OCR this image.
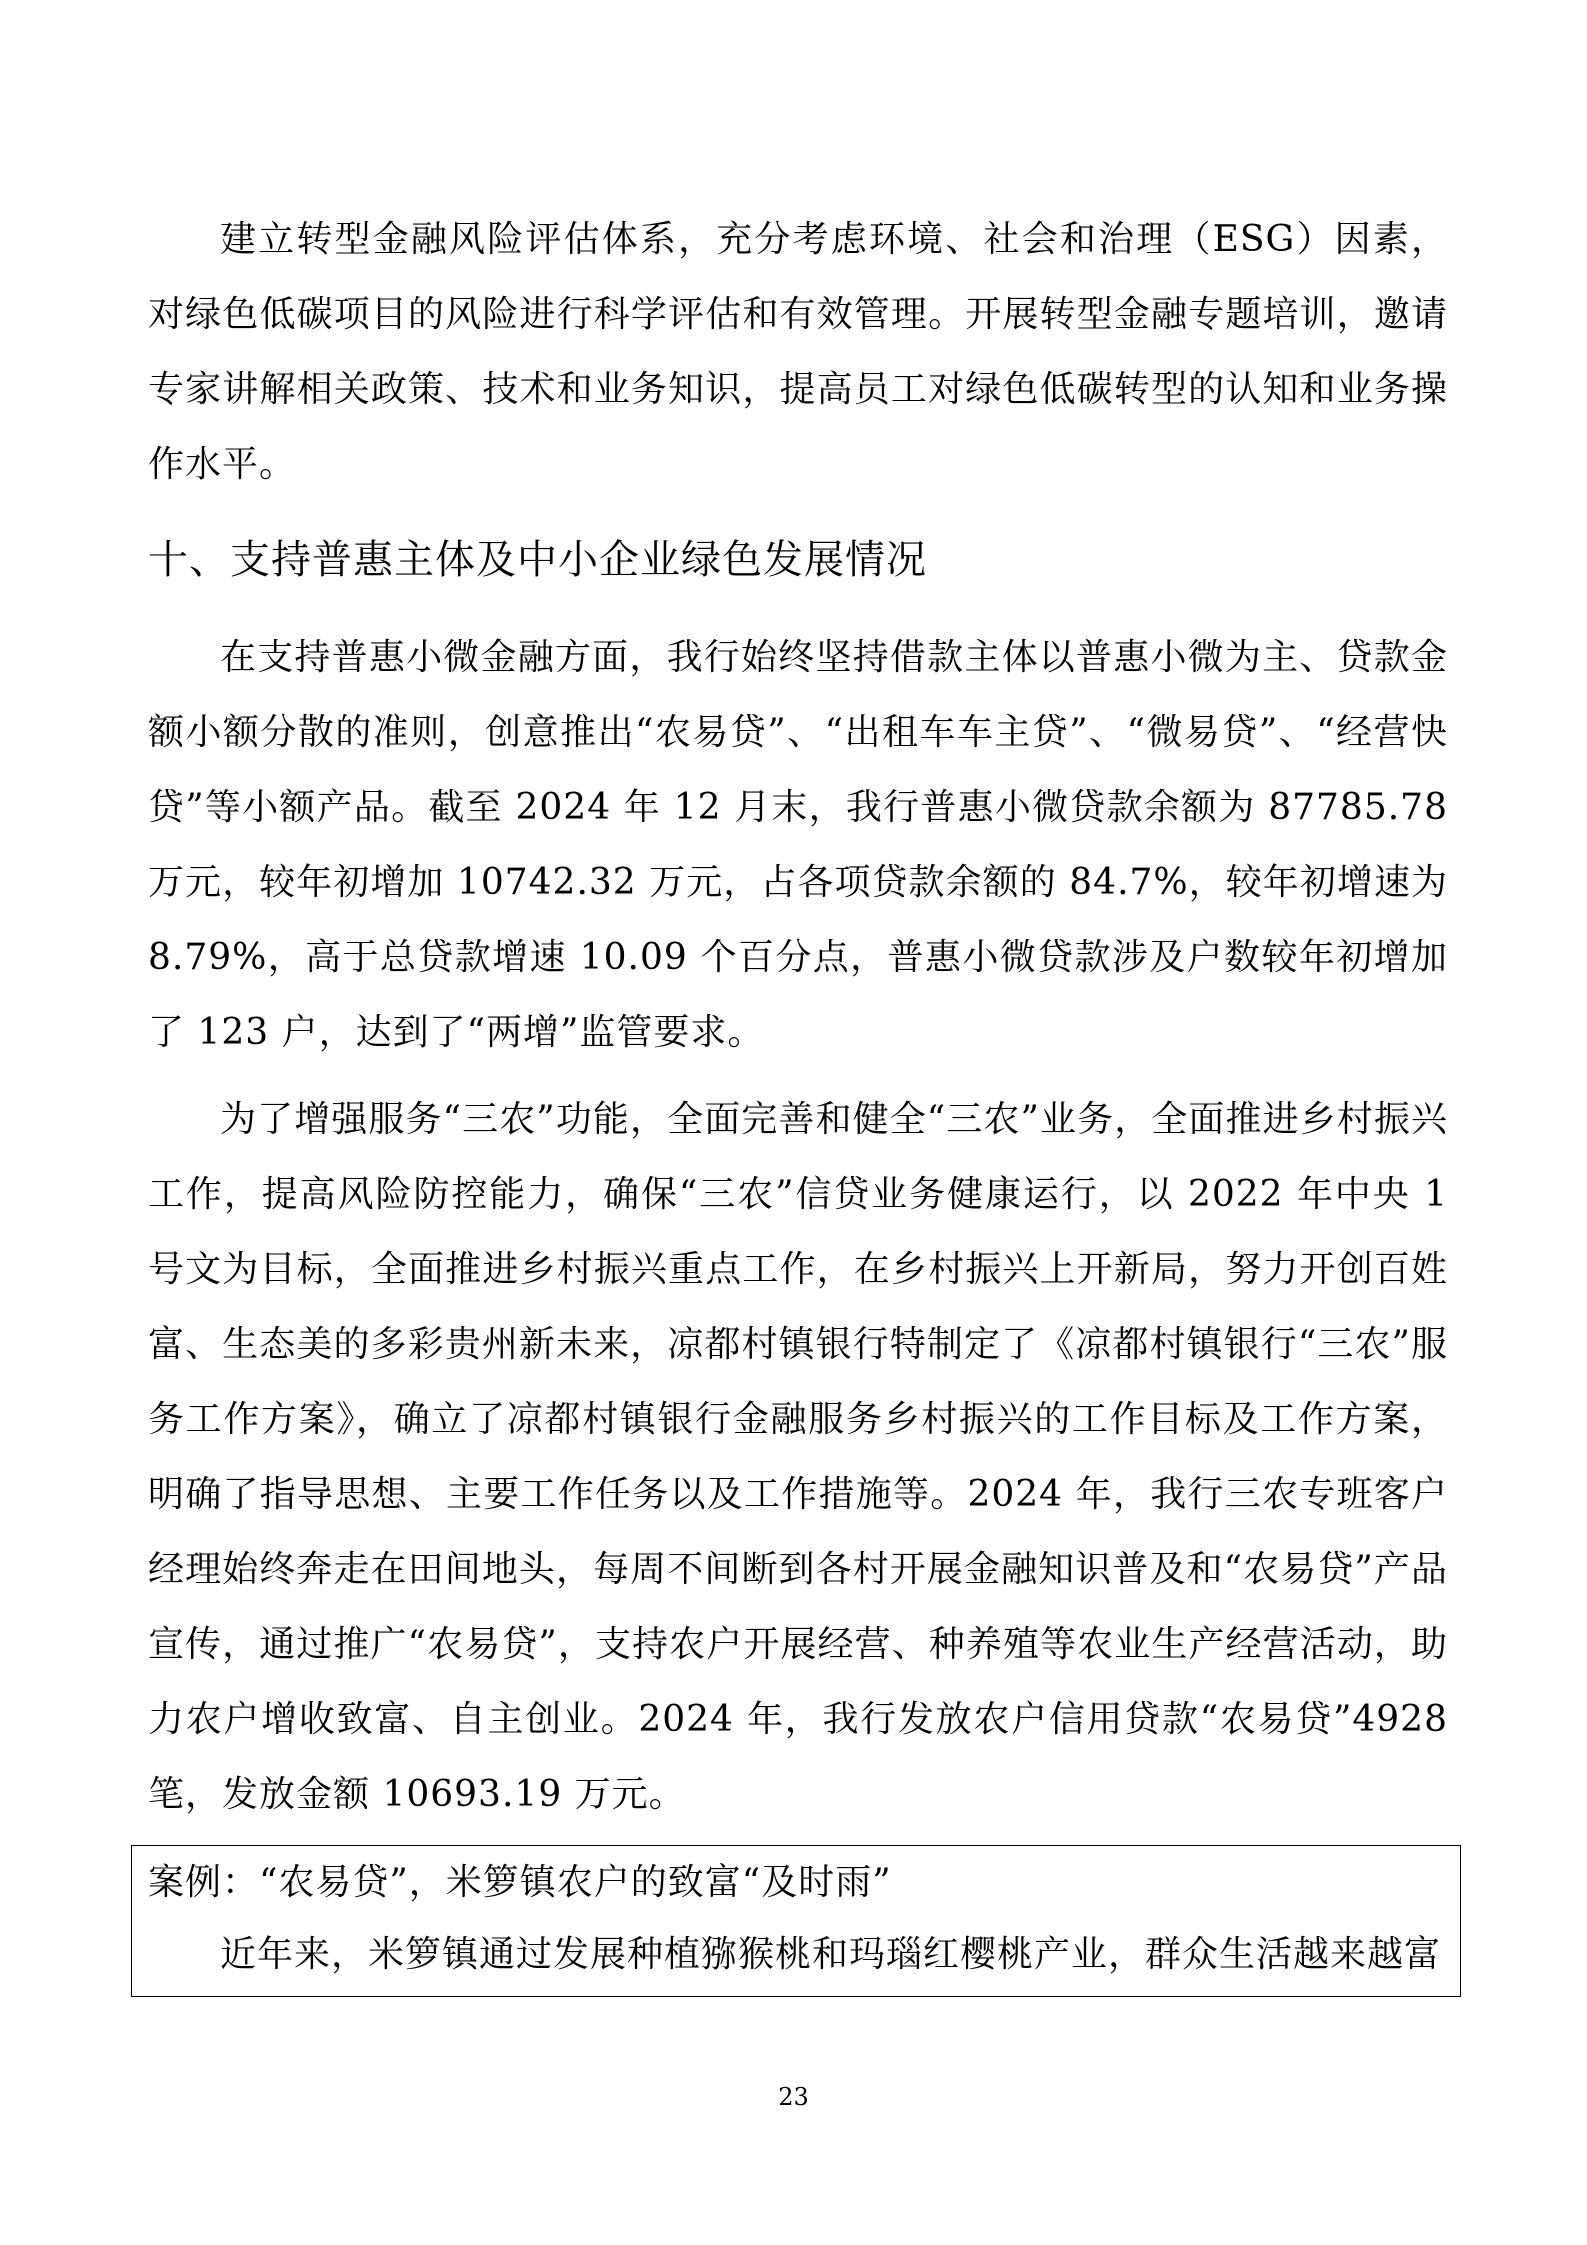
建立转型金融风险评估体系，充分考虑环境、社会和治理（ESG）因素，对绿色低碳项目的风险进行科学评估和有效管理。开展转型金融专题培训，邀请专家讲解相关政策、技术和业务知识，提高员工对绿色低碳转型的认知和业务操作水平。

十、支持普惠主体及中小企业绿色发展情况

在支持普惠小微金融方面，我行始终坚持借款主体以普惠小微为主、贷款金额小额分散的准则，创意推出“农易贷”、“出租车车主贷”、“微易贷”、“经营快贷”等小额产品。截至 2024 年 12 月末，我行普惠小微贷款余额为 87785.78 万元，较年初增加 10742.32 万元，占各项贷款余额的 84.7%，较年初增速为 8.79%，高于总贷款增速 10.09 个百分点，普惠小微贷款涉及户数较年初增加了 123 户，达到了“两增”监管要求。

为了增强服务“三农”功能，全面完善和健全“三农”业务，全面推进乡村振兴工作，提高风险防控能力，确保“三农”信贷业务健康运行，以 2022 年中央 1 号文为目标，全面推进乡村振兴重点工作，在乡村振兴上开新局，努力开创百姓富、生态美的多彩贵州新未来，凉都村镇银行特制定了《凉都村镇银行“三农”服务工作方案》，确立了凉都村镇银行金融服务乡村振兴的工作目标及工作方案，明确了指导思想、主要工作任务以及工作措施等。2024 年，我行三农专班客户经理始终奔走在田间地头，每周不间断到各村开展金融知识普及和“农易贷”产品宣传，通过推广“农易贷”，支持农户开展经营、种养殖等农业生产经营活动，助力农户增收致富、自主创业。2024 年，我行发放农户信用贷款“农易贷”4928 笔，发放金额 10693.19 万元。

案例：“农易贷”，米箩镇农户的致富“及时雨”
近年来，米箩镇通过发展种植猕猴桃和玛瑙红樱桃产业，群众生活越来越富
23
